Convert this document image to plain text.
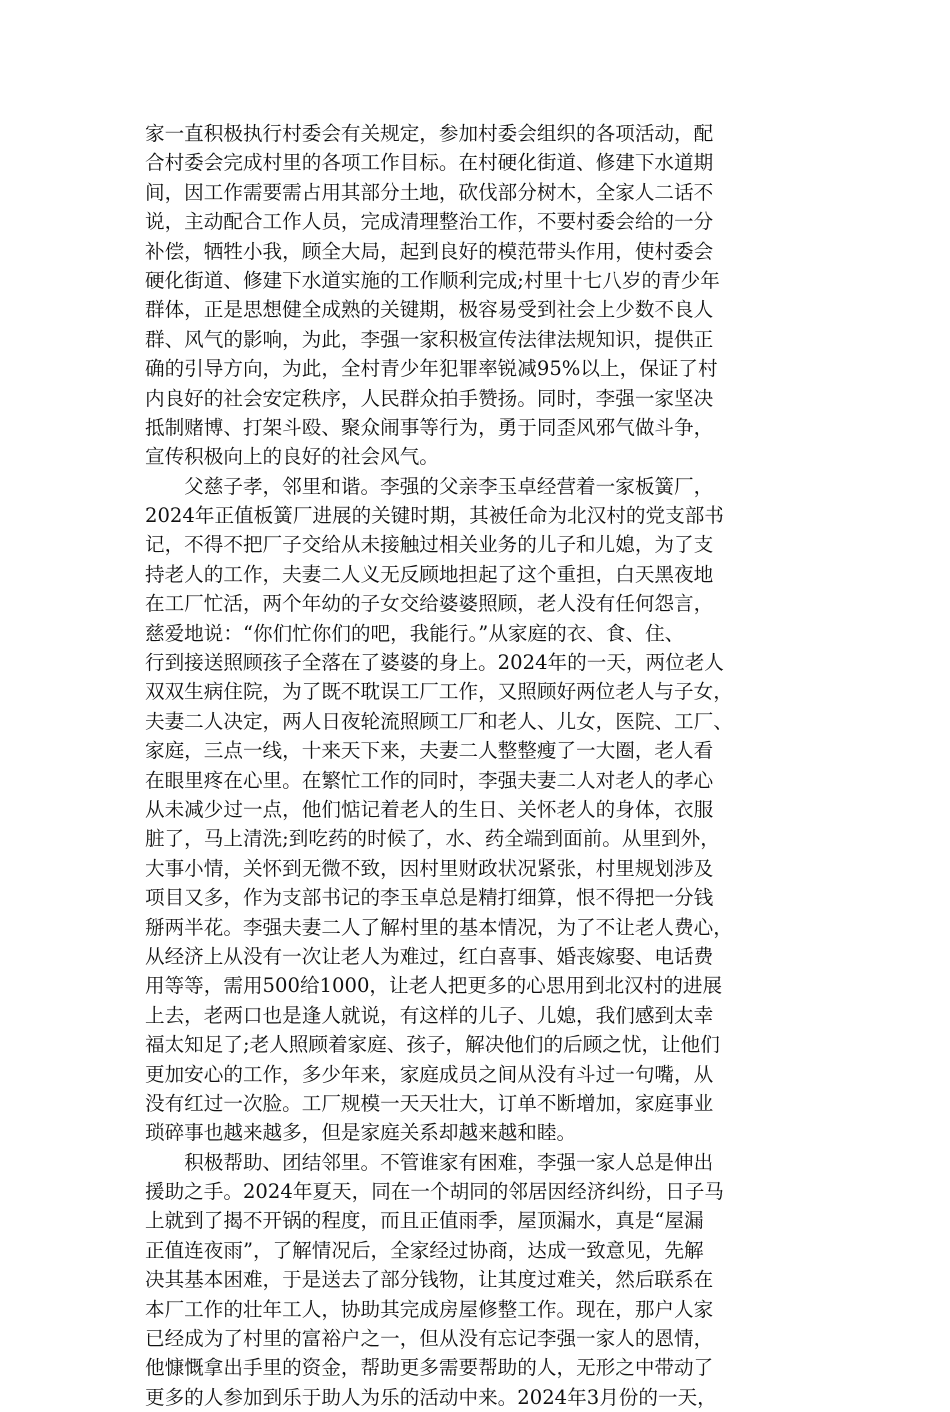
家一直积极执行村委会有关规定，参加村委会组织的各项活动，配
合村委会完成村里的各项工作目标。在村硬化街道、修建下水道期
间，因工作需要需占用其部分土地，砍伐部分树木，全家人二话不
说，主动配合工作人员，完成清理整治工作，不要村委会给的一分
补偿，牺牲小我，顾全大局，起到良好的模范带头作用，使村委会
硬化街道、修建下水道实施的工作顺利完成;村里十七八岁的青少年
群体，正是思想健全成熟的关键期，极容易受到社会上少数不良人
群、风气的影响，为此，李强一家积极宣传法律法规知识，提供正
确的引导方向，为此，全村青少年犯罪率锐减95%以上，保证了村
内良好的社会安定秩序，人民群众拍手赞扬。同时，李强一家坚决
抵制赌博、打架斗殴、聚众闹事等行为，勇于同歪风邪气做斗争，
宣传积极向上的良好的社会风气。
　　父慈子孝，邻里和谐。李强的父亲李玉卓经营着一家板簧厂，
2024年正值板簧厂进展的关键时期，其被任命为北汉村的党支部书
记，不得不把厂子交给从未接触过相关业务的儿子和儿媳，为了支
持老人的工作，夫妻二人义无反顾地担起了这个重担，白天黑夜地
在工厂忙活，两个年幼的子女交给婆婆照顾，老人没有任何怨言，
慈爱地说：“你们忙你们的吧，我能行。”从家庭的衣、食、住、
行到接送照顾孩子全落在了婆婆的身上。2024年的一天，两位老人
双双生病住院，为了既不耽误工厂工作，又照顾好两位老人与子女，
夫妻二人决定，两人日夜轮流照顾工厂和老人、儿女，医院、工厂、
家庭，三点一线，十来天下来，夫妻二人整整瘦了一大圈，老人看
在眼里疼在心里。在繁忙工作的同时，李强夫妻二人对老人的孝心
从未减少过一点，他们惦记着老人的生日、关怀老人的身体，衣服
脏了，马上清洗;到吃药的时候了，水、药全端到面前。从里到外，
大事小情，关怀到无微不致，因村里财政状况紧张，村里规划涉及
项目又多，作为支部书记的李玉卓总是精打细算，恨不得把一分钱
掰两半花。李强夫妻二人了解村里的基本情况，为了不让老人费心，
从经济上从没有一次让老人为难过，红白喜事、婚丧嫁娶、电话费
用等等，需用500给1000，让老人把更多的心思用到北汉村的进展
上去，老两口也是逢人就说，有这样的儿子、儿媳，我们感到太幸
福太知足了;老人照顾着家庭、孩子，解决他们的后顾之忧，让他们
更加安心的工作，多少年来，家庭成员之间从没有斗过一句嘴，从
没有红过一次脸。工厂规模一天天壮大，订单不断增加，家庭事业
琐碎事也越来越多，但是家庭关系却越来越和睦。
　　积极帮助、团结邻里。不管谁家有困难，李强一家人总是伸出
援助之手。2024年夏天，同在一个胡同的邻居因经济纠纷，日子马
上就到了揭不开锅的程度，而且正值雨季，屋顶漏水，真是“屋漏
正值连夜雨”，了解情况后，全家经过协商，达成一致意见，先解
决其基本困难，于是送去了部分钱物，让其度过难关，然后联系在
本厂工作的壮年工人，协助其完成房屋修整工作。现在，那户人家
已经成为了村里的富裕户之一，但从没有忘记李强一家人的恩情，
他慷慨拿出手里的资金，帮助更多需要帮助的人，无形之中带动了
更多的人参加到乐于助人为乐的活动中来。2024年3月份的一天，
